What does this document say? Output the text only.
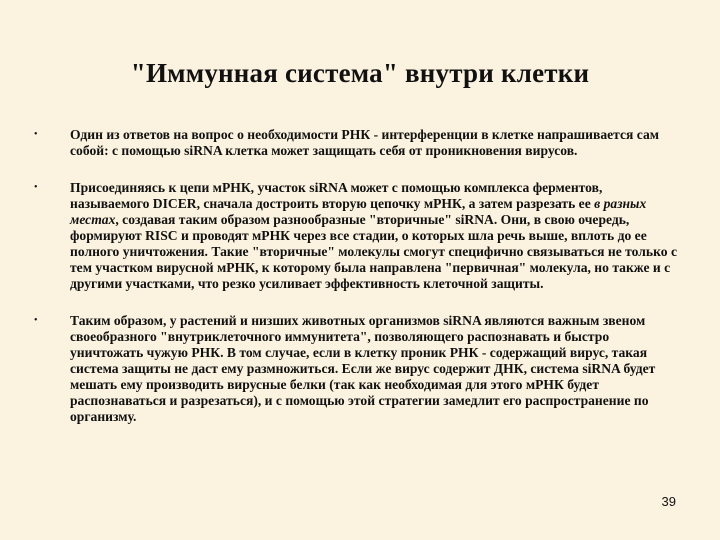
"Иммунная система" внутри клетки
• Один из ответов на вопрос о необходимости РНК - интерференции в клетке напрашивается сам собой: с помощью siRNA клетка может защищать себя от проникновения вирусов.
• Присоединяясь к цепи мРНК, участок siRNA может с помощью комплекса ферментов, называемого DICER, сначала достроить вторую цепочку мРНК, а затем разрезать ее в разных местах, создавая таким образом разнообразные "вторичные" siRNA. Они, в свою очередь, формируют RISC и проводят мРНК через все стадии, о которых шла речь выше, вплоть до ее полного уничтожения. Такие "вторичные" молекулы смогут специфично связываться не только с тем участком вирусной мРНК, к которому была направлена "первичная" молекула, но также и с другими участками, что резко усиливает эффективность клеточной защиты.
• Таким образом, у растений и низших животных организмов siRNA являются важным звеном своеобразного "внутриклеточного иммунитета", позволяющего распознавать и быстро уничтожать чужую РНК. В том случае, если в клетку проник РНК - содержащий вирус, такая система защиты не даст ему размножиться. Если же вирус содержит ДНК, система siRNA будет мешать ему производить вирусные белки (так как необходимая для этого мРНК будет распознаваться и разрезаться), и с помощью этой стратегии замедлит его распространение по организму.
39
